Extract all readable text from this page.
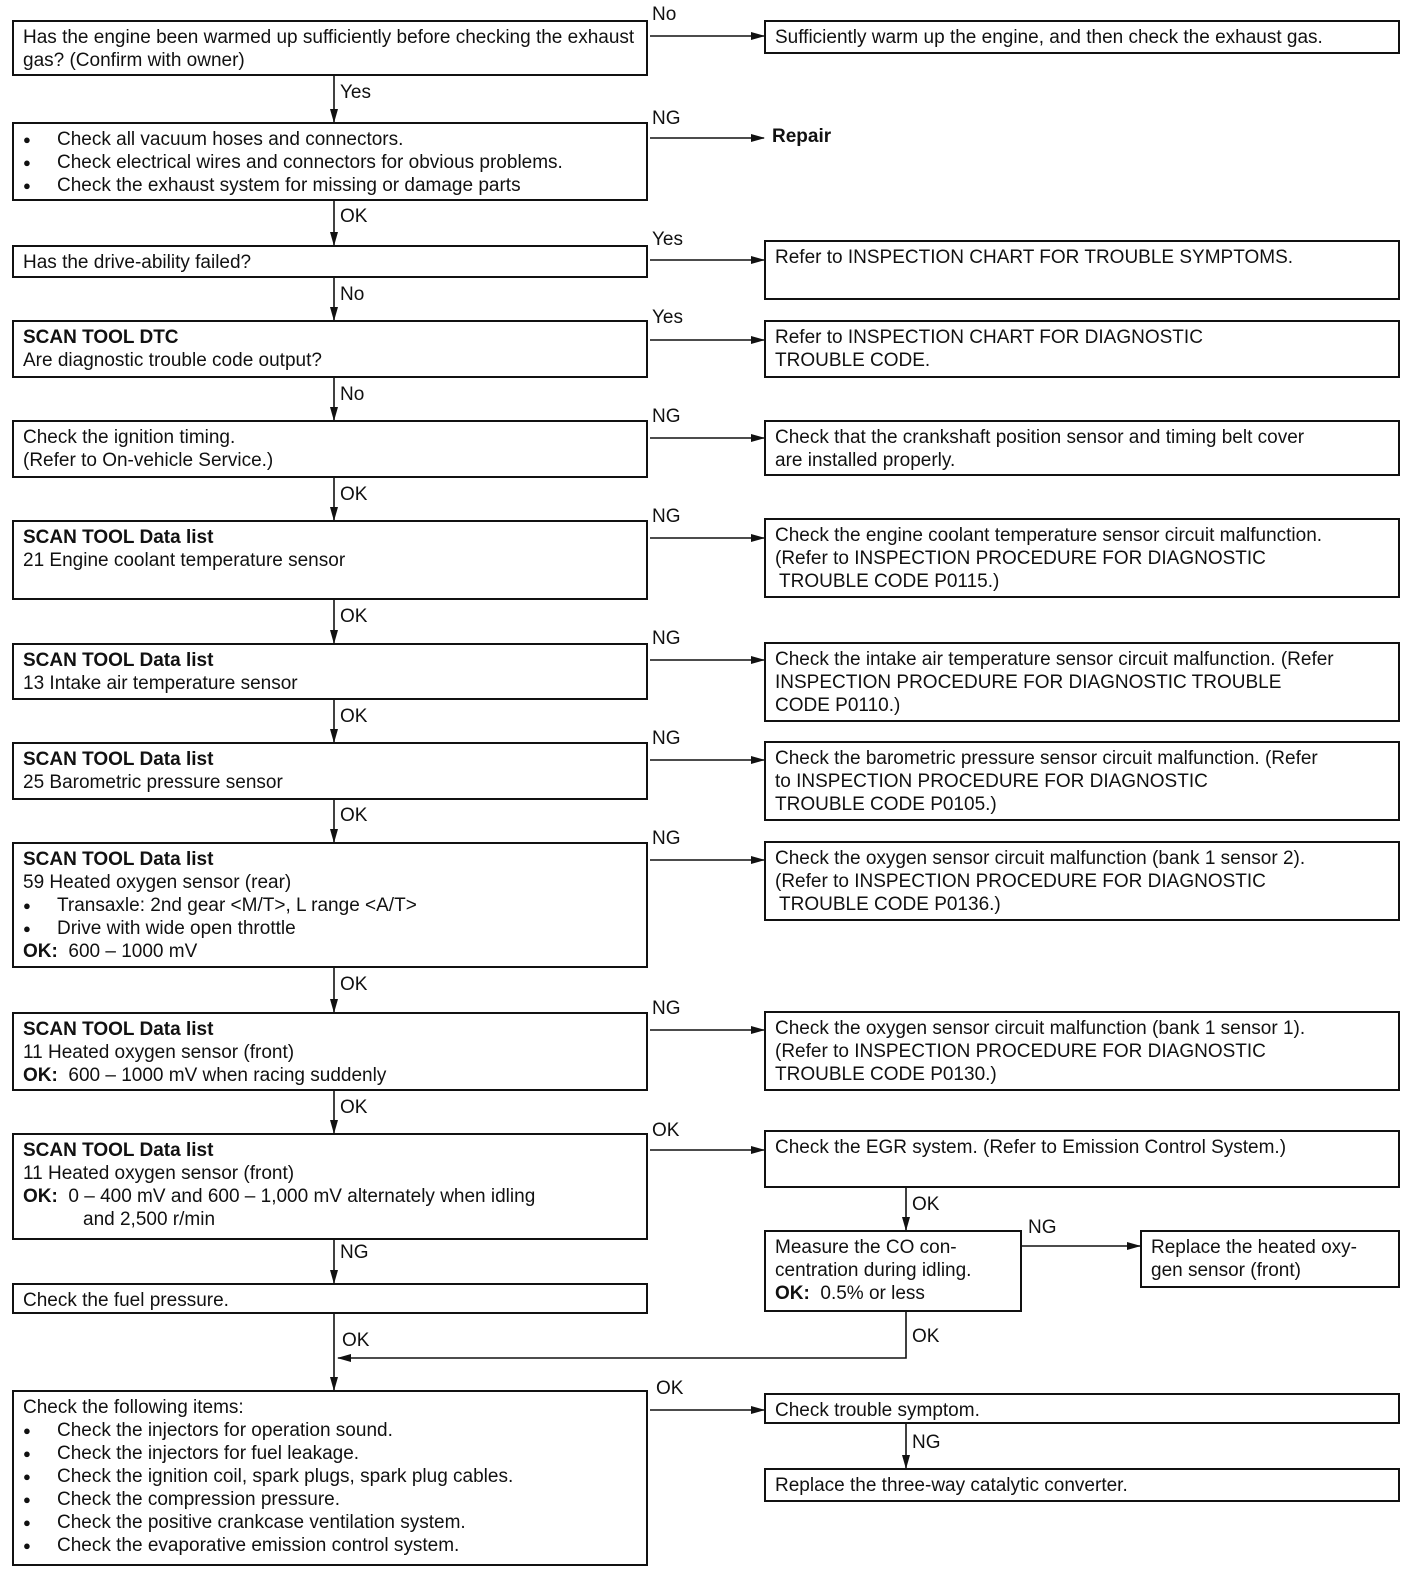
Has the engine been warmed up sufficiently before checking the exhaust gas? (Confirm with owner)
No
Sufficiently warm up the engine, and then check the exhaust gas.
Yes
● Check all vacuum hoses and connectors.
● Check electrical wires and connectors for obvious problems.
● Check the exhaust system for missing or damage parts
NG
Repair
OK
Has the drive-ability failed?
Yes
Refer to INSPECTION CHART FOR TROUBLE SYMPTOMS.
No
SCAN TOOL DTC
Are diagnostic trouble code output?
Yes
Refer to INSPECTION CHART FOR DIAGNOSTIC
TROUBLE CODE.
No
Check the ignition timing.
(Refer to On-vehicle Service.)
NG
Check that the crankshaft position sensor and timing belt cover
are installed properly.
OK
SCAN TOOL Data list
21 Engine coolant temperature sensor
NG
Check the engine coolant temperature sensor circuit malfunction.
(Refer to INSPECTION PROCEDURE FOR DIAGNOSTIC
TROUBLE CODE P0115.)
OK
SCAN TOOL Data list
13 Intake air temperature sensor
NG
Check the intake air temperature sensor circuit malfunction. (Refer
INSPECTION PROCEDURE FOR DIAGNOSTIC TROUBLE
CODE P0110.)
OK
SCAN TOOL Data list
25 Barometric pressure sensor
NG
Check the barometric pressure sensor circuit malfunction. (Refer
to INSPECTION PROCEDURE FOR DIAGNOSTIC
TROUBLE CODE P0105.)
OK
SCAN TOOL Data list
59 Heated oxygen sensor (rear)
● Transaxle: 2nd gear <M/T>, L range <A/T>
● Drive with wide open throttle
OK: 600 – 1000 mV
NG
Check the oxygen sensor circuit malfunction (bank 1 sensor 2).
(Refer to INSPECTION PROCEDURE FOR DIAGNOSTIC
TROUBLE CODE P0136.)
OK
SCAN TOOL Data list
11 Heated oxygen sensor (front)
OK: 600 – 1000 mV when racing suddenly
NG
Check the oxygen sensor circuit malfunction (bank 1 sensor 1).
(Refer to INSPECTION PROCEDURE FOR DIAGNOSTIC
TROUBLE CODE P0130.)
OK
SCAN TOOL Data list
11 Heated oxygen sensor (front)
OK: 0 – 400 mV and 600 – 1,000 mV alternately when idling
and 2,500 r/min
OK
Check the EGR system. (Refer to Emission Control System.)
OK
NG	Measure the CO con-
centration during idling.
OK: 0.5% or less
NG
Replace the heated oxy-
gen sensor (front)
OK
Check the fuel pressure.
OK
Check the following items:
● Check the injectors for operation sound.
● Check the injectors for fuel leakage.
● Check the ignition coil, spark plugs, spark plug cables.
● Check the compression pressure.
● Check the positive crankcase ventilation system.
● Check the evaporative emission control system.
OK
Check trouble symptom.
NG
Replace the three-way catalytic converter.
